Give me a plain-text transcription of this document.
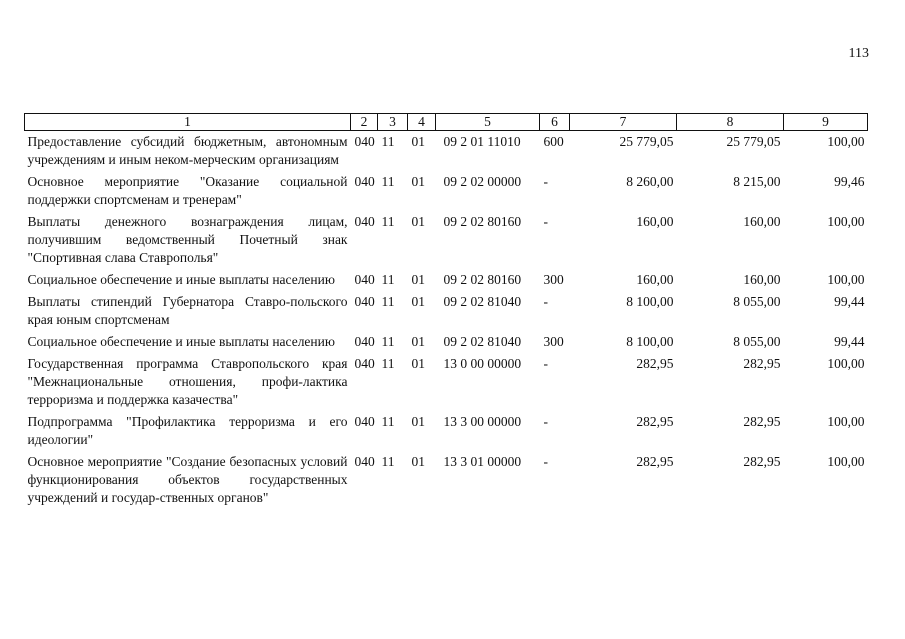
113
1	2	3	4	5	6	7	8	9
Предоставление субсидий бюджетным, автономным учреждениям и иным неком-мерческим организациям	040	11	01	09 2 01 11010	600	25 779,05	25 779,05	100,00
Основное мероприятие "Оказание социальной поддержки спортсменам и тренерам"	040	11	01	09 2 02 00000	-	8 260,00	8 215,00	99,46
Выплаты денежного вознаграждения лицам, получившим ведомственный Почетный знак "Спортивная слава Ставрополья"	040	11	01	09 2 02 80160	-	160,00	160,00	100,00
Социальное обеспечение и иные выплаты населению	040	11	01	09 2 02 80160	300	160,00	160,00	100,00
Выплаты стипендий Губернатора Ставро-польского края юным спортсменам	040	11	01	09 2 02 81040	-	8 100,00	8 055,00	99,44
Социальное обеспечение и иные выплаты населению	040	11	01	09 2 02 81040	300	8 100,00	8 055,00	99,44
Государственная программа Ставропольского края "Межнациональные отношения, профи-лактика терроризма и поддержка казачества"	040	11	01	13 0 00 00000	-	282,95	282,95	100,00
Подпрограмма "Профилактика терроризма и его идеологии"	040	11	01	13 3 00 00000	-	282,95	282,95	100,00
Основное мероприятие "Создание безопасных условий функционирования объектов государственных учреждений и государ-ственных органов"	040	11	01	13 3 01 00000	-	282,95	282,95	100,00
